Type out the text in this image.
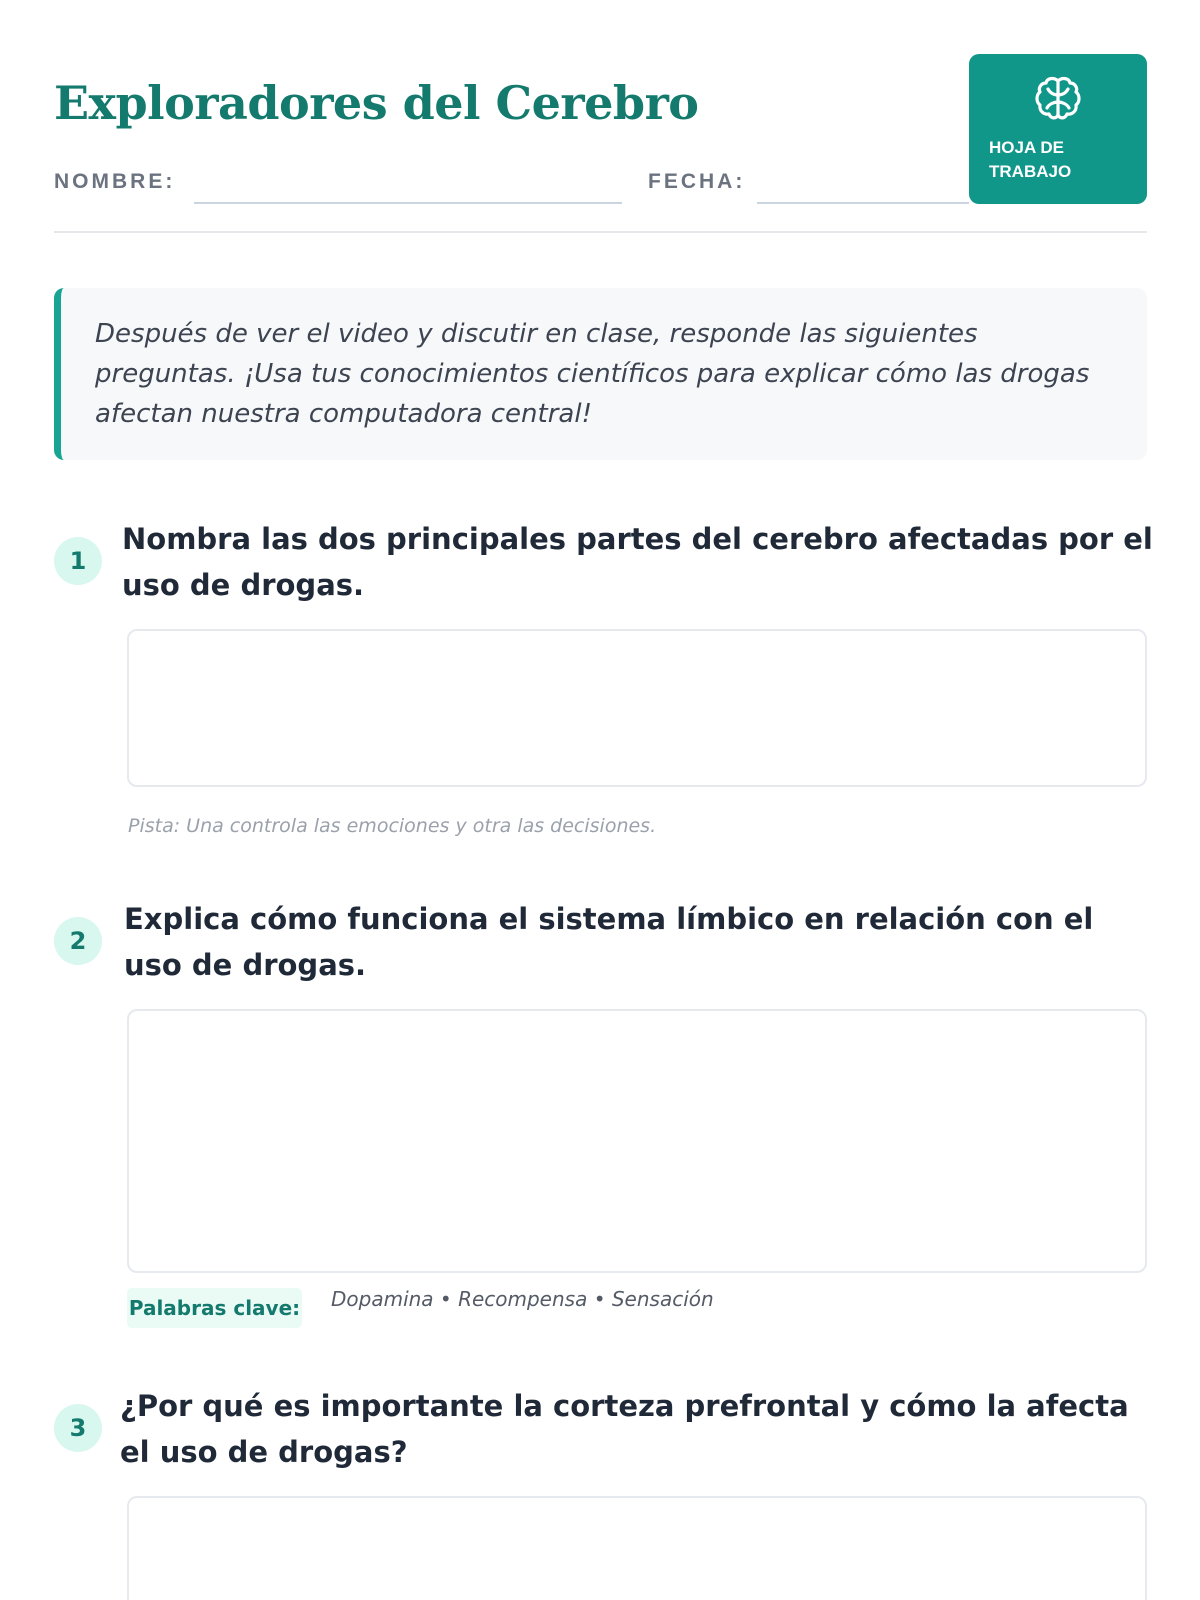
Exploradores del Cerebro
NOMBRE:	FECHA:
HOJA DE TRABAJO

Después de ver el video y discutir en clase, responde las siguientes preguntas. ¡Usa tus conocimientos científicos para explicar cómo las drogas afectan nuestra computadora central!

1

Nombra las dos principales partes del cerebro afectadas por el uso de drogas.

Pista: Una controla las emociones y otra las decisiones.

2

Explica cómo funciona el sistema límbico en relación con el uso de drogas.

Palabras clave: Dopamina • Recompensa • Sensación

3

¿Por qué es importante la corteza prefrontal y cómo la afecta el uso de drogas?
